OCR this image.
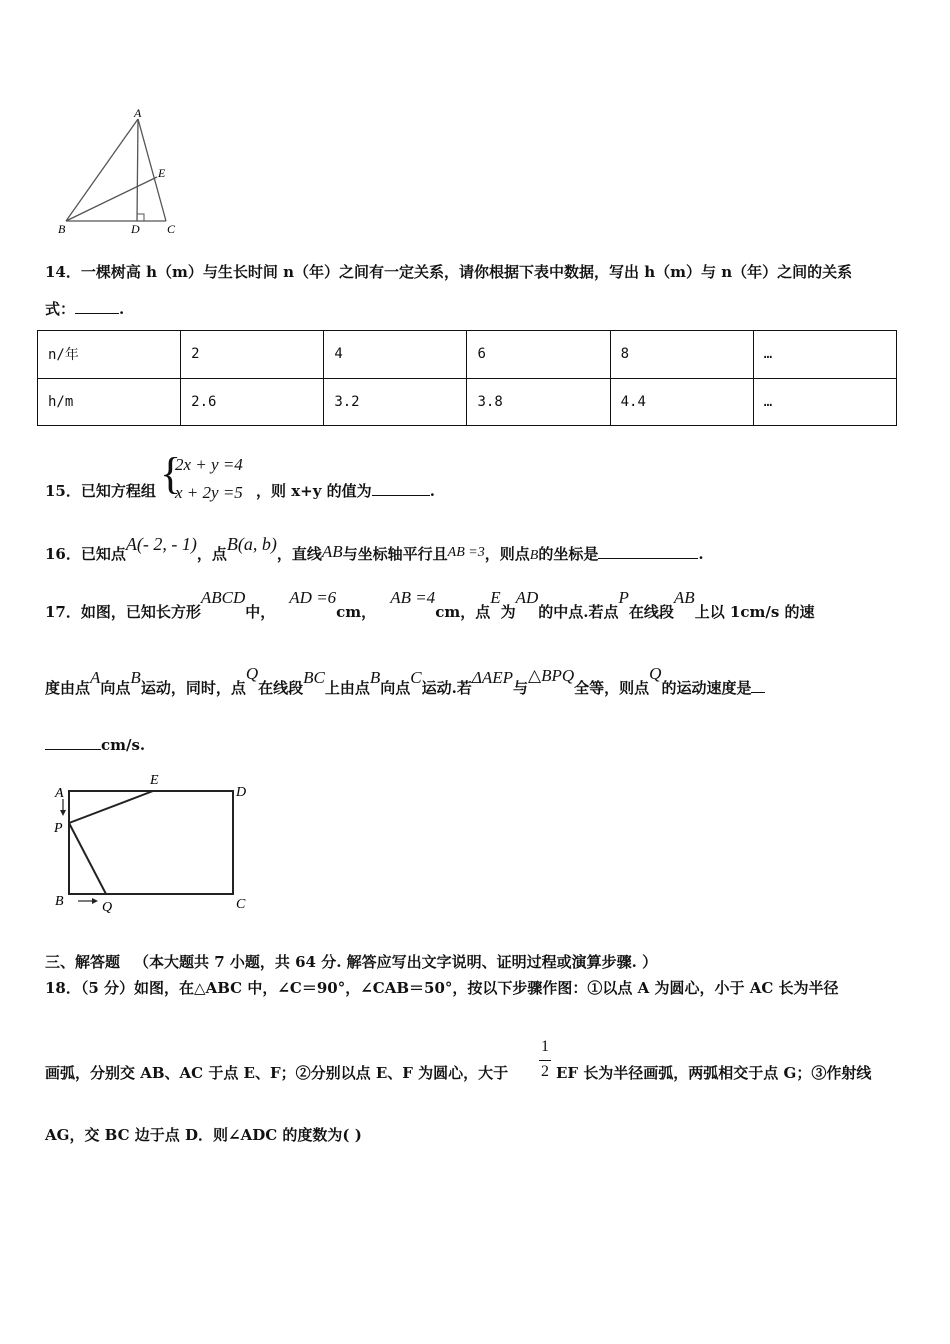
A
B	C
D
E
14．一棵树高 h（m）与生长时间 n（年）之间有一定关系，请你根据下表中数据，写出 h（m）与 n（年）之间的关系
式：	.
n/年	2	4	6	8	…
h/m	2.6	3.2	3.8	4.4	…
15．已知方程组 {
2x + y =4
x + 2y =5 ，则 x+y 的值为	.
16．已知点A(- 2, - 1)，点B(a, b)，直线AB与坐标轴平行且AB =3，则点B的坐标是	.
17．如图，已知长方形ABCD中，AD =6cm，AB =4cm，点E为AD的中点.若点P在线段AB上以 1cm/s 的速
度由点A向点B运动，同时，点Q在线段BC上由点B向点C运动.若ΔAEP与△BPQ全等，则点Q的运动速度是
cm/s.
A
P
B	Q
E
D
C
三、解答题 （本大题共 7 小题，共 64 分. 解答应写出文字说明、证明过程或演算步骤. ）
18．（5 分）如图，在△ABC 中，∠C＝90°，∠CAB＝50°，按以下步骤作图：①以点 A 为圆心，小于 AC 长为半径
1
2
画弧，分别交 AB、AC 于点 E、F；②分别以点 E、F 为圆心，大于	EF 长为半径画弧，两弧相交于点 G；③作射线
AG，交 BC 边于点 D．则∠ADC 的度数为( )
